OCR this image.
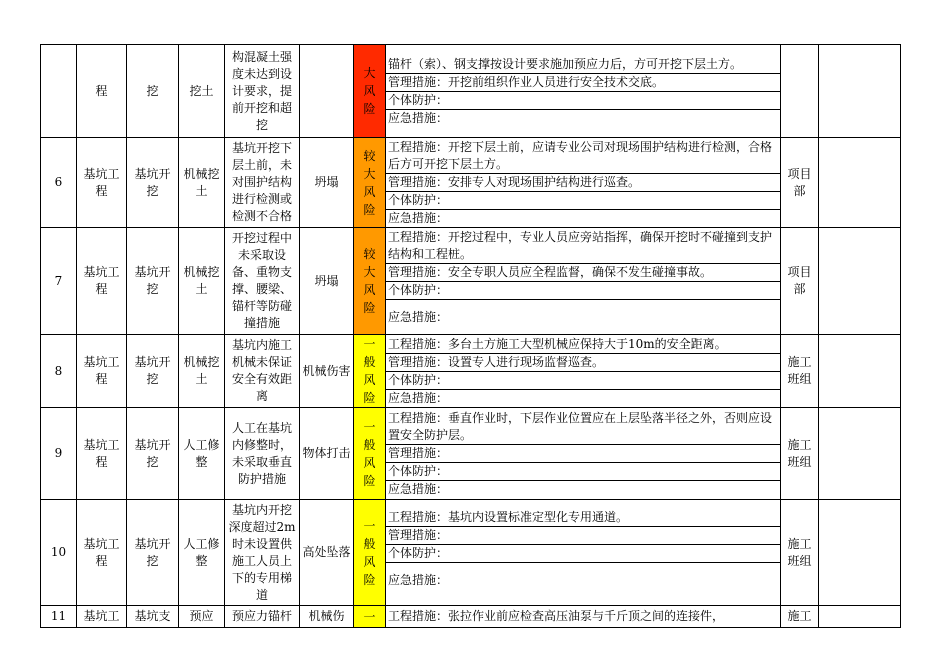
	程	挖	挖土	构混凝土强度未达到设计要求，提前开挖和超挖		大风险	锚杆（索）、钢支撑按设计要求施加预应力后，方可开挖下层土方。
管理措施：开挖前组织作业人员进行安全技术交底。
个体防护：
应急措施：		

6	基坑工程	基坑开挖	机械挖土	基坑开挖下层土前，未对围护结构进行检测或检测不合格	坍塌	较大风险	工程措施：开挖下层土前，应请专业公司对现场围护结构进行检测，合格后方可开挖下层土方。
管理措施：安排专人对现场围护结构进行巡查。
个体防护：
应急措施：	项目部	
7	基坑工程	基坑开挖	机械挖土	开挖过程中未采取设备、重物支撑、腰梁、锚杆等防碰撞措施	坍塌	较大风险	工程措施：开挖过程中，专业人员应旁站指挥，确保开挖时不碰撞到支护结构和工程桩。
管理措施：安全专职人员应全程监督，确保不发生碰撞事故。
个体防护：
应急措施：	项目部	
8	基坑工程	基坑开挖	机械挖土	基坑内施工机械未保证安全有效距离	机械伤害	一般风险	工程措施：多台土方施工大型机械应保持大于10m的安全距离。
管理措施：设置专人进行现场监督巡查。
个体防护：
应急措施：	施工班组	
9	基坑工程	基坑开挖	人工修整	人工在基坑内修整时，未采取垂直防护措施	物体打击	一般风险	工程措施：垂直作业时，下层作业位置应在上层坠落半径之外，否则应设置安全防护层。
管理措施：
个体防护：
应急措施：	施工班组	
10	基坑工程	基坑开挖	人工修整	基坑内开挖深度超过2m时未设置供施工人员上下的专用梯道	高处坠落	一般风险	工程措施：基坑内设置标准定型化专用通道。
管理措施：
个体防护：
应急措施：	施工班组	
11	基坑工	基坑支	预应	预应力锚杆	机械伤	一	工程措施：张拉作业前应检查高压油泵与千斤顶之间的连接件，	施工	
